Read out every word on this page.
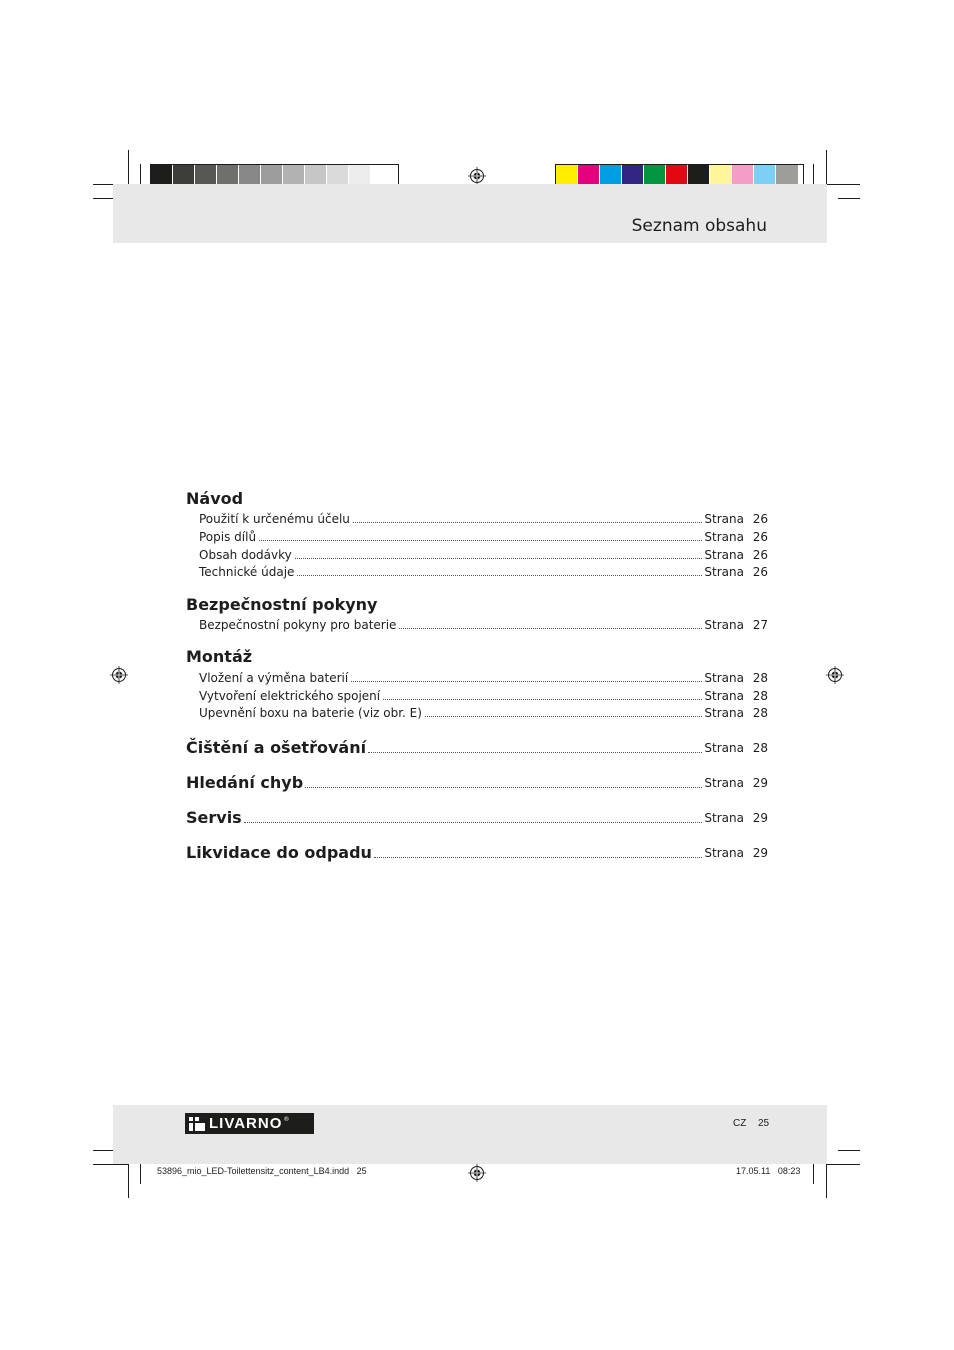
Seznam obsahu
Návod
Použití k určenému účelu	Strana 26
Popis dílů	Strana 26
Obsah dodávky	Strana 26
Technické údaje	Strana 26
Bezpečnostní pokyny
Bezpečnostní pokyny pro baterie	Strana 27
Montáž
Vložení a výměna baterií	Strana 28
Vytvoření elektrického spojení	Strana 28
Upevnění boxu na baterie (viz obr. E)	Strana 28
Čištění a ošetřování	Strana 28
Hledání chyb	Strana 29
Servis	Strana 29
Likvidace do odpadu	Strana 29
LIVARNO ®	CZ 25
53896_mio_LED-Toilettensitz_content_LB4.indd   25	17.05.11   08:23
